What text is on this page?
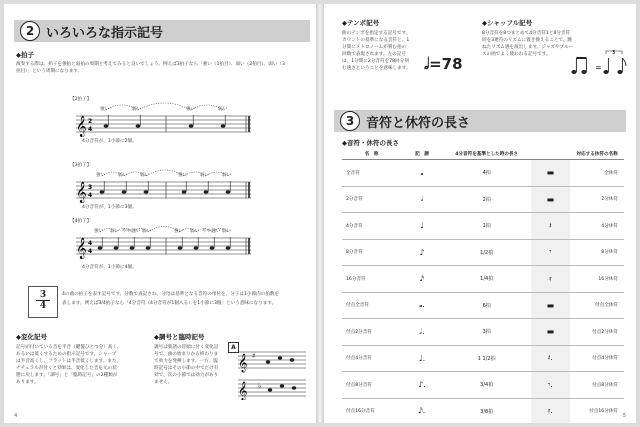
2 いろいろな指示記号
◆拍子
演奏する際は、拍子を強拍と弱拍の周期と考えてみると良いでしょう。例えば3拍子なら「強い（1拍目）、弱い（2拍目）、弱い（3
拍目）」という周期になります。
【2拍子】
𝄞 2
4
強い	弱い	強い	弱い
4分音符が、1小節に2個。
【3拍子】
𝄞 3
4
強い	弱い	弱い	強い	弱い	弱い
4分音符が、1小節に3個。
【4拍子】
𝄞 4
4
強い 弱い やや強い 弱い	強い 弱い やや強い 弱い
4分音符が、1小節に4個。
3
4
4の曲の拍子を表す記号です。分数で表記され、分母は基準となる音符の単位を、分子は1小節内の拍数を
表します。例えば3/4拍子なら「4分音符（4分音符が1個入る）を1小節に3個」という意味になります。
◆変化記号
記号が付いている音を半音（鍵盤ひとつ分）高く、
あるいは低くするための指示記号です。シャープ
は半音高くし、フラットは半音低くします。また、
ナチュラルが付くと効果は、変化した音を元の状
態に戻します。「調号」と「臨時記号」の2種類が
あります。
◆調号と臨時記号
調号は楽譜の冒頭に付く変化記
号で、曲の始まりから終わりま
で効力を発揮します。一方、臨
時記号はその小節の中でだけ有
効で、次の小節では効力があり
ません。
A
𝄞
𝄞
♯
♭
4
◆テンポ記号
曲のテンポを指定する記号です。
カウントの基準になる音符と、1
分間にメトロノームが刻む拍の
回数で表現されます。左の記号
は、1分間に2分音符を78回分刻
む速さということを意味します。 𝅗𝅥=78
◆シャッフル記号
8分音符を8つまとめて4分音符1と8分音符
同を3連符のリズムに置き換えることで、跳
ねたリズム感を演出します。ジャズやブルー
スの曲でよく使われる記号です。
=
3
3 音符と休符の長さ
◆音符・休符の長さ
名　称	記　譜	4分音符を基準とした時の長さ		対応する休符の名称
全音符	𝅝	4拍	▬	全休符
2分音符	𝅗𝅥	2拍	▬	2分休符
4分音符	♩	1拍	𝄽	4分休符
8分音符	♪	1/2拍	𝄾	8分休符
16分音符	𝅘𝅥𝅯	1/4拍	𝄿	16分休符
付点全音符	𝅝.	6拍	▬	付点全休符
付点2分音符	𝅗𝅥.	3拍	▬	付点2分休符
付点4分音符	♩.	1 1/2拍	𝄽.	付点4分休符
付点8分音符	♪.	3/4拍	𝄾.	付点8分休符
付点16分音符	𝅘𝅥𝅯.	3/8拍	𝄿.	付点16分休符
5
